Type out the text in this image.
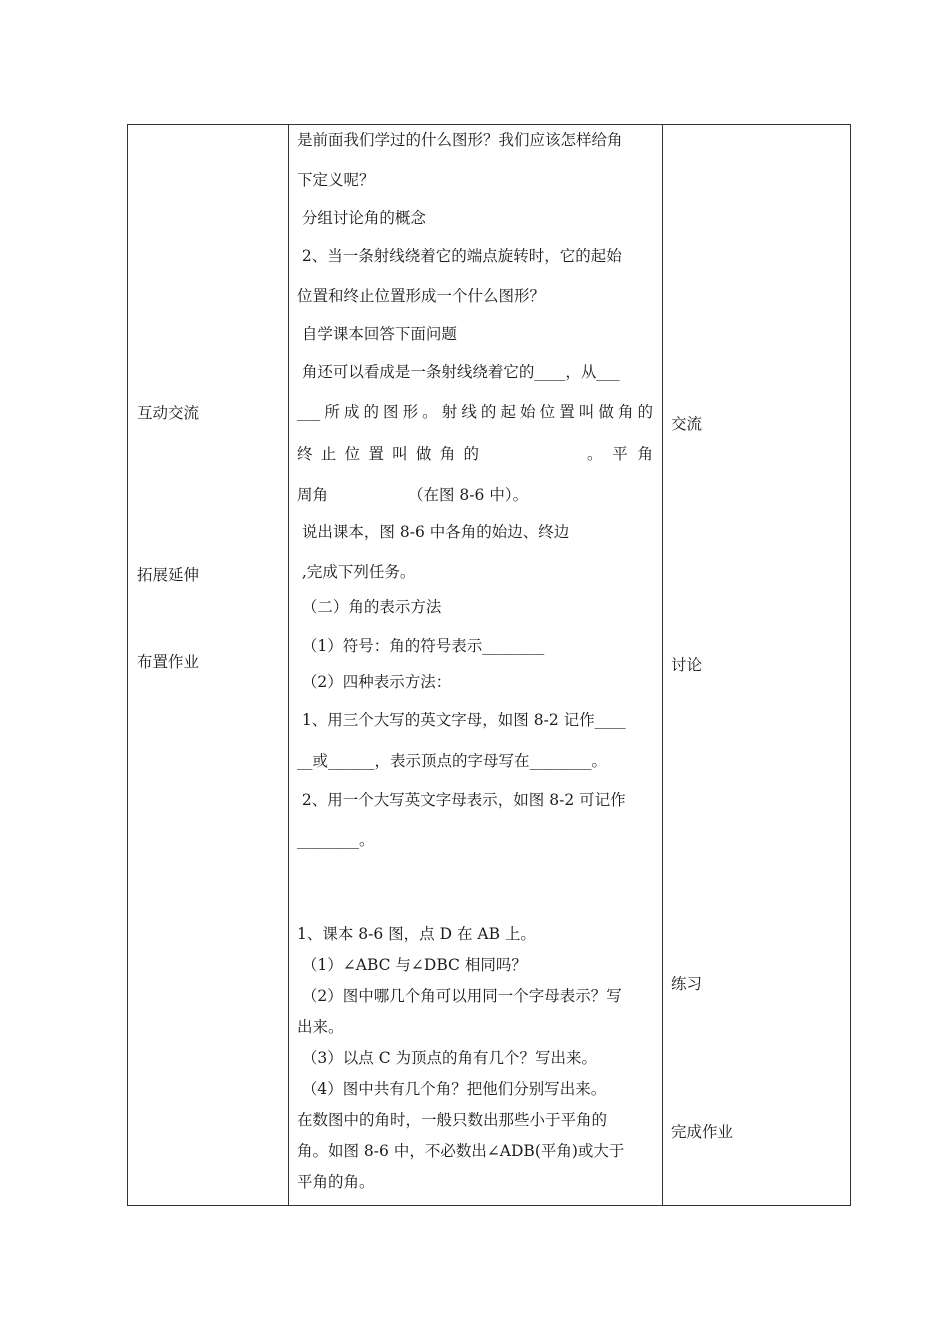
互动交流
拓展延伸
布置作业
是前面我们学过的什么图形？我们应该怎样给角
下定义呢？
分组讨论角的概念
2、当一条射线绕着它的端点旋转时，它的起始
位置和终止位置形成一个什么图形？
自学课本回答下面问题
角还可以看成是一条射线绕着它的____，从___
___所成的图形。射线的起始位置叫做角的
终止位置叫做角的	。平角
周角	（在图 8-6 中）。
说出课本，图 8-6 中各角的始边、终边
,完成下列任务。
（二）角的表示方法
（1）符号：角的符号表示________
（2）四种表示方法：
1、用三个大写的英文字母，如图 8-2 记作____
__或______，表示顶点的字母写在________。
2、用一个大写英文字母表示，如图 8-2 可记作
________。
1、课本 8-6 图，点 D 在 AB 上。
（1）∠ABC 与∠DBC 相同吗？
（2）图中哪几个角可以用同一个字母表示？写
出来。
（3）以点 C 为顶点的角有几个？写出来。
（4）图中共有几个角？把他们分别写出来。
在数图中的角时，一般只数出那些小于平角的
角。如图 8-6 中，不必数出∠ADB(平角)或大于
平角的角。
交流
讨论
练习
完成作业
